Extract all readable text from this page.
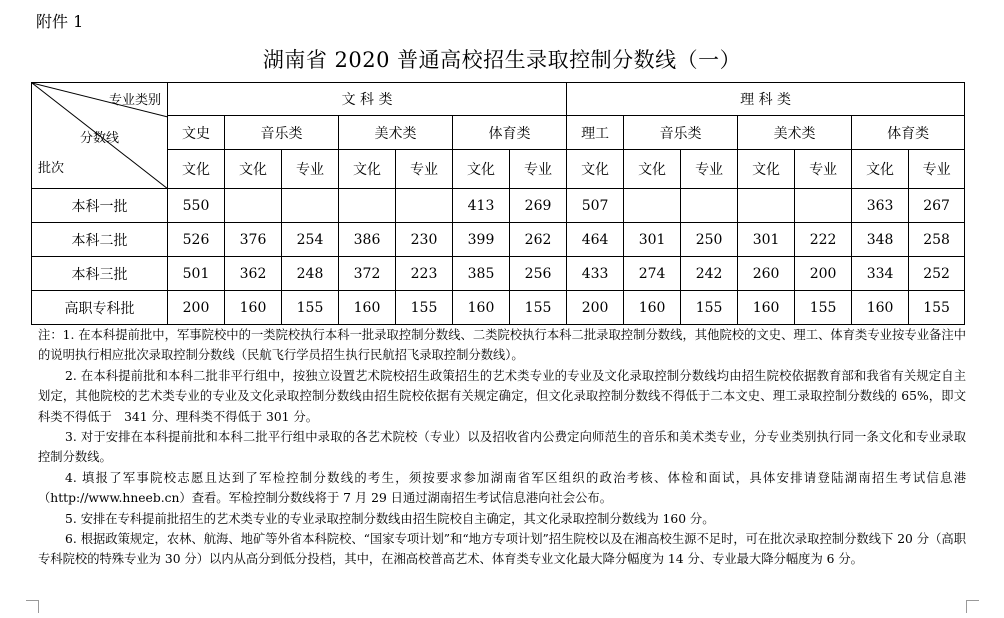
附件 1
湖南省 2020 普通高校招生录取控制分数线（一）
专业类别
分数线
批次	文 科 类							理 科 类						
	文史	音乐类		美术类		体育类		理工	音乐类		美术类		体育类	
	文化	文化	专业	文化	专业	文化	专业	文化	文化	专业	文化	专业	文化	专业
本科一批	550					413	269	507					363	267
本科二批	526	376	254	386	230	399	262	464	301	250	301	222	348	258
本科三批	501	362	248	372	223	385	256	433	274	242	260	200	334	252
高职专科批	200	160	155	160	155	160	155	200	160	155	160	155	160	155

注：1. 在本科提前批中，军事院校中的一类院校执行本科一批录取控制分数线、二类院校执行本科二批录取控制分数线，其他院校的文史、理工、体育类专业按专业备注中的说明执行相应批次录取控制分数线（民航飞行学员招生执行民航招飞录取控制分数线）。

2. 在本科提前批和本科二批非平行组中，按独立设置艺术院校招生政策招生的艺术类专业的专业及文化录取控制分数线均由招生院校依据教育部和我省有关规定自主划定，其他院校的艺术类专业的专业及文化录取控制分数线由招生院校依据有关规定确定，但文化录取控制分数线不得低于二本文史、理工录取控制分数线的 65%，即文科类不得低于　341 分、理科类不得低于 301 分。

3. 对于安排在本科提前批和本科二批平行组中录取的各艺术院校（专业）以及招收省内公费定向师范生的音乐和美术类专业，分专业类别执行同一条文化和专业录取控制分数线。

4. 填报了军事院校志愿且达到了军检控制分数线的考生，须按要求参加湖南省军区组织的政治考核、体检和面试，具体安排请登陆湖南招生考试信息港（http://www.hneeb.cn）查看。军检控制分数线将于 7 月 29 日通过湖南招生考试信息港向社会公布。

5. 安排在专科提前批招生的艺术类专业的专业录取控制分数线由招生院校自主确定，其文化录取控制分数线为 160 分。

6. 根据政策规定，农林、航海、地矿等外省本科院校、“国家专项计划”和“地方专项计划”招生院校以及在湘高校生源不足时，可在批次录取控制分数线下 20 分（高职专科院校的特殊专业为 30 分）以内从高分到低分投档，其中，在湘高校普高艺术、体育类专业文化最大降分幅度为 14 分、专业最大降分幅度为 6 分。
